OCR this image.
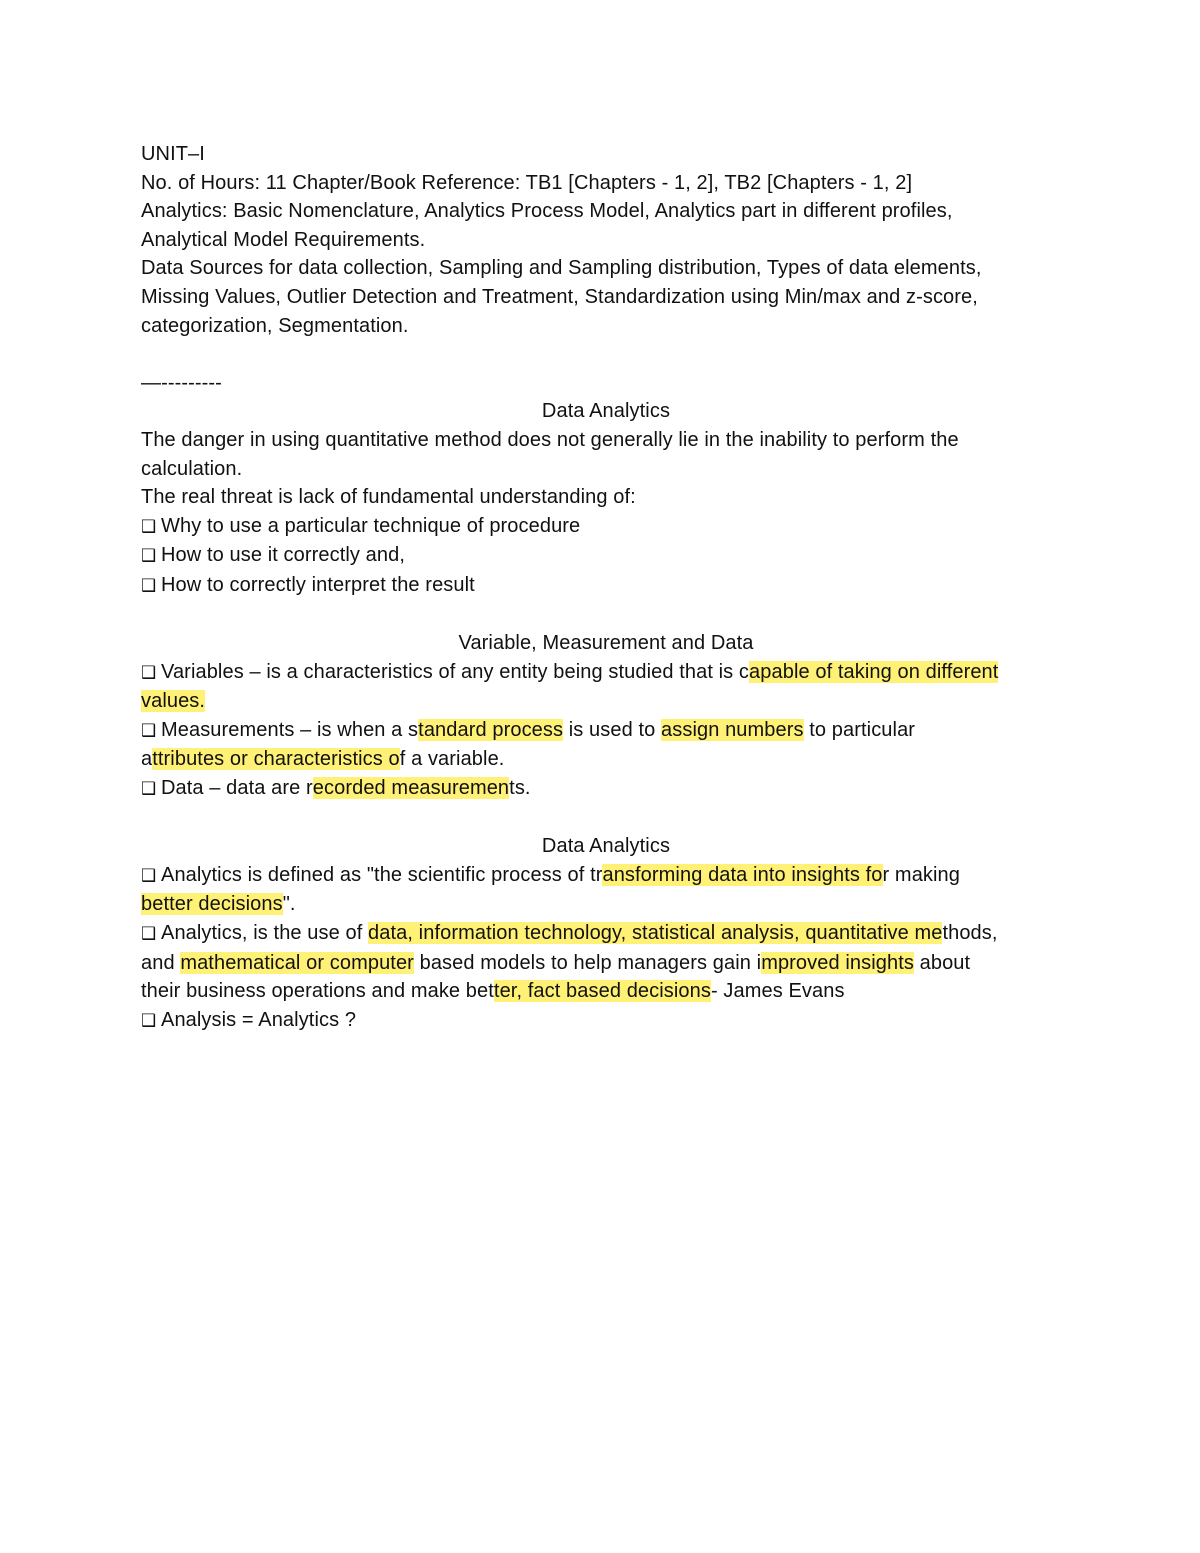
UNIT–I

No. of Hours: 11 Chapter/Book Reference: TB1 [Chapters - 1, 2], TB2 [Chapters - 1, 2]

Analytics: Basic Nomenclature, Analytics Process Model, Analytics part in different profiles,

Analytical Model Requirements.

Data Sources for data collection, Sampling and Sampling distribution, Types of data elements,

Missing Values, Outlier Detection and Treatment, Standardization using Min/max and z-score,

categorization, Segmentation.

—---------

Data Analytics

The danger in using quantitative method does not generally lie in the inability to perform the

calculation.

The real threat is lack of fundamental understanding of:

❑ Why to use a particular technique of procedure

❑ How to use it correctly and,

❑ How to correctly interpret the result

Variable, Measurement and Data

❑ Variables – is a characteristics of any entity being studied that is capable of taking on different

values.

❑ Measurements – is when a standard process is used to assign numbers to particular

attributes or characteristics of a variable.

❑ Data – data are recorded measurements.

Data Analytics

❑ Analytics is defined as "the scientific process of transforming data into insights for making

better decisions".

❑ Analytics, is the use of data, information technology, statistical analysis, quantitative methods,

and mathematical or computer based models to help managers gain improved insights about

their business operations and make better, fact based decisions- James Evans

❑ Analysis = Analytics ?
